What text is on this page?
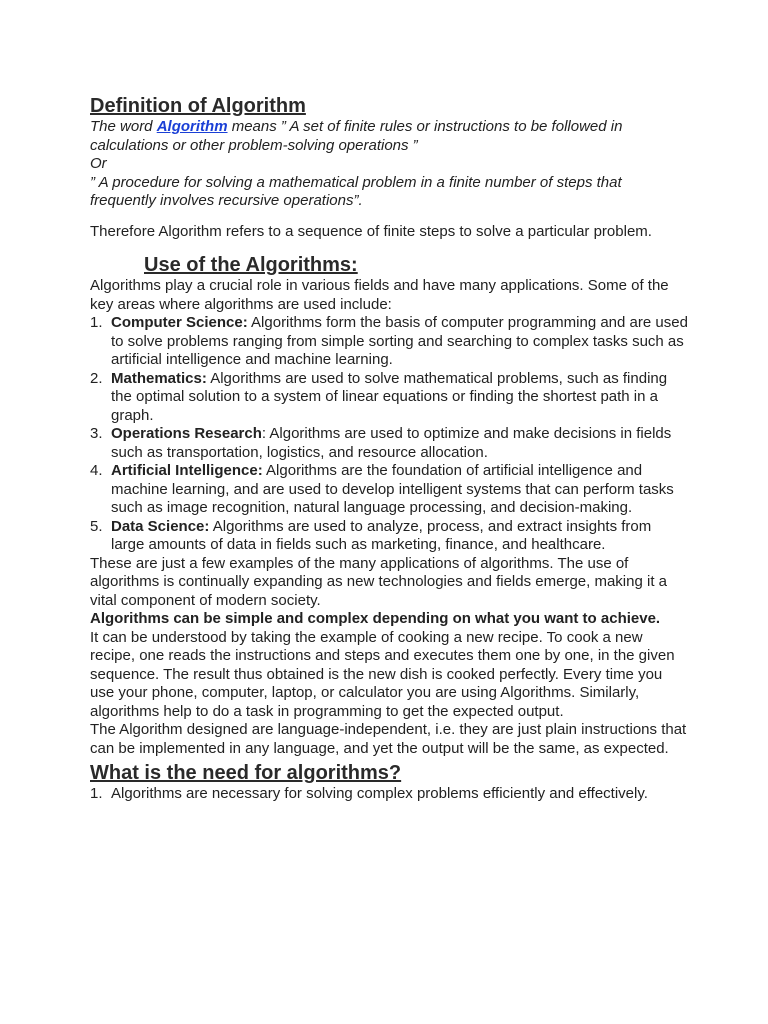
Definition of Algorithm

The word Algorithm means ” A set of finite rules or instructions to be followed in calculations or other problem-solving operations ”

Or

” A procedure for solving a mathematical problem in a finite number of steps that frequently involves recursive operations”.

Therefore Algorithm refers to a sequence of finite steps to solve a particular problem.

Use of the Algorithms:

Algorithms play a crucial role in various fields and have many applications. Some of the key areas where algorithms are used include:

1. Computer Science: Algorithms form the basis of computer programming and are used to solve problems ranging from simple sorting and searching to complex tasks such as artificial intelligence and machine learning.
2. Mathematics: Algorithms are used to solve mathematical problems, such as finding the optimal solution to a system of linear equations or finding the shortest path in a graph.
3. Operations Research: Algorithms are used to optimize and make decisions in fields such as transportation, logistics, and resource allocation.
4. Artificial Intelligence: Algorithms are the foundation of artificial intelligence and machine learning, and are used to develop intelligent systems that can perform tasks such as image recognition, natural language processing, and decision-making.
5. Data Science: Algorithms are used to analyze, process, and extract insights from large amounts of data in fields such as marketing, finance, and healthcare.

These are just a few examples of the many applications of algorithms. The use of algorithms is continually expanding as new technologies and fields emerge, making it a vital component of modern society.

Algorithms can be simple and complex depending on what you want to achieve.

It can be understood by taking the example of cooking a new recipe. To cook a new recipe, one reads the instructions and steps and executes them one by one, in the given sequence. The result thus obtained is the new dish is cooked perfectly. Every time you use your phone, computer, laptop, or calculator you are using Algorithms. Similarly, algorithms help to do a task in programming to get the expected output.

The Algorithm designed are language-independent, i.e. they are just plain instructions that can be implemented in any language, and yet the output will be the same, as expected.

What is the need for algorithms?
1. Algorithms are necessary for solving complex problems efficiently and effectively.
